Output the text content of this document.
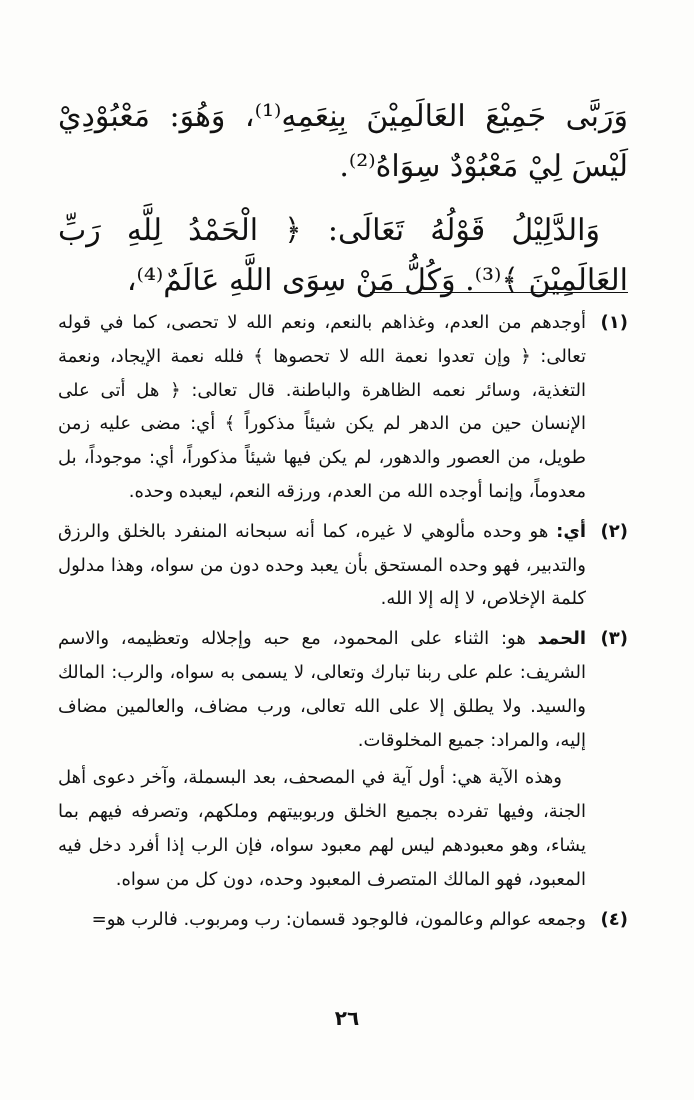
وَرَبَّى جَمِيْعَ العَالَمِيْنَ بِنِعَمِهِ⁽¹⁾، وَهُوَ: مَعْبُوْدِيْ لَيْسَ لِيْ مَعْبُوْدٌ سِوَاهُ⁽²⁾.

وَالدَّلِيْلُ قَوْلُهُ تَعَالَى: ﴿ الْحَمْدُ لِلَّهِ رَبِّ العَالَمِيْنَ ﴾⁽³⁾. وَكُلُّ مَنْ سِوَى اللَّهِ عَالَمٌ⁽⁴⁾،

(١)
أوجدهم من العدم، وغذاهم بالنعم، ونعم الله لا تحصى، كما في قوله تعالى: ﴿ وإن تعدوا نعمة الله لا تحصوها ﴾ فلله نعمة الإيجاد، ونعمة التغذية، وسائر نعمه الظاهرة والباطنة. قال تعالى: ﴿ هل أتى على الإنسان حين من الدهر لم يكن شيئاً مذكوراً ﴾ أي: مضى عليه زمن طويل، من العصور والدهور، لم يكن فيها شيئاً مذكوراً، أي: موجوداً، بل معدوماً، وإنما أوجده الله من العدم، ورزقه النعم، ليعبده وحده.
(٢)
أي: هو وحده مألوهي لا غيره، كما أنه سبحانه المنفرد بالخلق والرزق والتدبير، فهو وحده المستحق بأن يعبد وحده دون من سواه، وهذا مدلول كلمة الإخلاص، لا إله إلا الله.
(٣)
الحمد هو: الثناء على المحمود، مع حبه وإجلاله وتعظيمه، والاسم الشريف: علم على ربنا تبارك وتعالى، لا يسمى به سواه، والرب: المالك والسيد. ولا يطلق إلا على الله تعالى، ورب مضاف، والعالمين مضاف إليه، والمراد: جميع المخلوقات.

وهذه الآية هي: أول آية في المصحف، بعد البسملة، وآخر دعوى أهل الجنة، وفيها تفرده بجميع الخلق وربوبيتهم وملكهم، وتصرفه فيهم بما يشاء، وهو معبودهم ليس لهم معبود سواه، فإن الرب إذا أفرد دخل فيه المعبود، فهو المالك المتصرف المعبود وحده، دون كل من سواه.

(٤)
وجمعه عوالم وعالمون، فالوجود قسمان: رب ومربوب. فالرب هو=
٢٦
